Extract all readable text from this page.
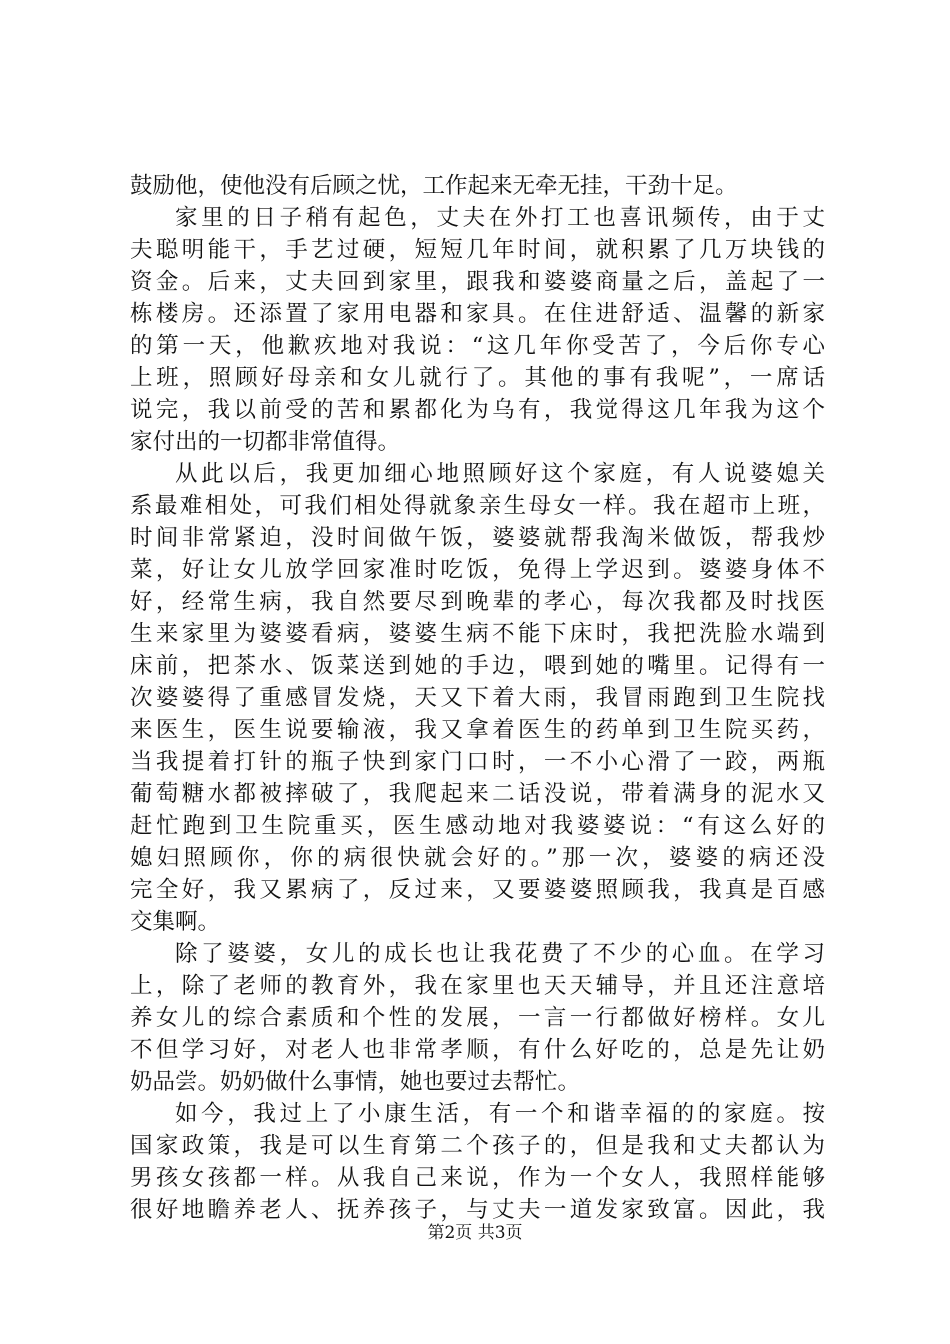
鼓励他，使他没有后顾之忧，工作起来无牵无挂，干劲十足。
家里的日子稍有起色，丈夫在外打工也喜讯频传，由于丈
夫聪明能干，手艺过硬，短短几年时间，就积累了几万块钱的
资金。后来，丈夫回到家里，跟我和婆婆商量之后，盖起了一
栋楼房。还添置了家用电器和家具。在住进舒适、温馨的新家
的第一天，他歉疚地对我说：“这几年你受苦了，今后你专心
上班，照顾好母亲和女儿就行了。其他的事有我呢”，一席话
说完，我以前受的苦和累都化为乌有，我觉得这几年我为这个
家付出的一切都非常值得。
从此以后，我更加细心地照顾好这个家庭，有人说婆媳关
系最难相处，可我们相处得就象亲生母女一样。我在超市上班，
时间非常紧迫，没时间做午饭，婆婆就帮我淘米做饭，帮我炒
菜，好让女儿放学回家准时吃饭，免得上学迟到。婆婆身体不
好，经常生病，我自然要尽到晚辈的孝心，每次我都及时找医
生来家里为婆婆看病，婆婆生病不能下床时，我把洗脸水端到
床前，把茶水、饭菜送到她的手边，喂到她的嘴里。记得有一
次婆婆得了重感冒发烧，天又下着大雨，我冒雨跑到卫生院找
来医生，医生说要输液，我又拿着医生的药单到卫生院买药，
当我提着打针的瓶子快到家门口时，一不小心滑了一跤，两瓶
葡萄糖水都被摔破了，我爬起来二话没说，带着满身的泥水又
赶忙跑到卫生院重买，医生感动地对我婆婆说：“有这么好的
媳妇照顾你，你的病很快就会好的。”那一次，婆婆的病还没
完全好，我又累病了，反过来，又要婆婆照顾我，我真是百感
交集啊。
除了婆婆，女儿的成长也让我花费了不少的心血。在学习
上，除了老师的教育外，我在家里也天天辅导，并且还注意培
养女儿的综合素质和个性的发展，一言一行都做好榜样。女儿
不但学习好，对老人也非常孝顺，有什么好吃的，总是先让奶
奶品尝。奶奶做什么事情，她也要过去帮忙。
如今，我过上了小康生活，有一个和谐幸福的的家庭。按
国家政策，我是可以生育第二个孩子的，但是我和丈夫都认为
男孩女孩都一样。从我自己来说，作为一个女人，我照样能够
很好地瞻养老人、抚养孩子，与丈夫一道发家致富。因此，我
第2页 共3页
